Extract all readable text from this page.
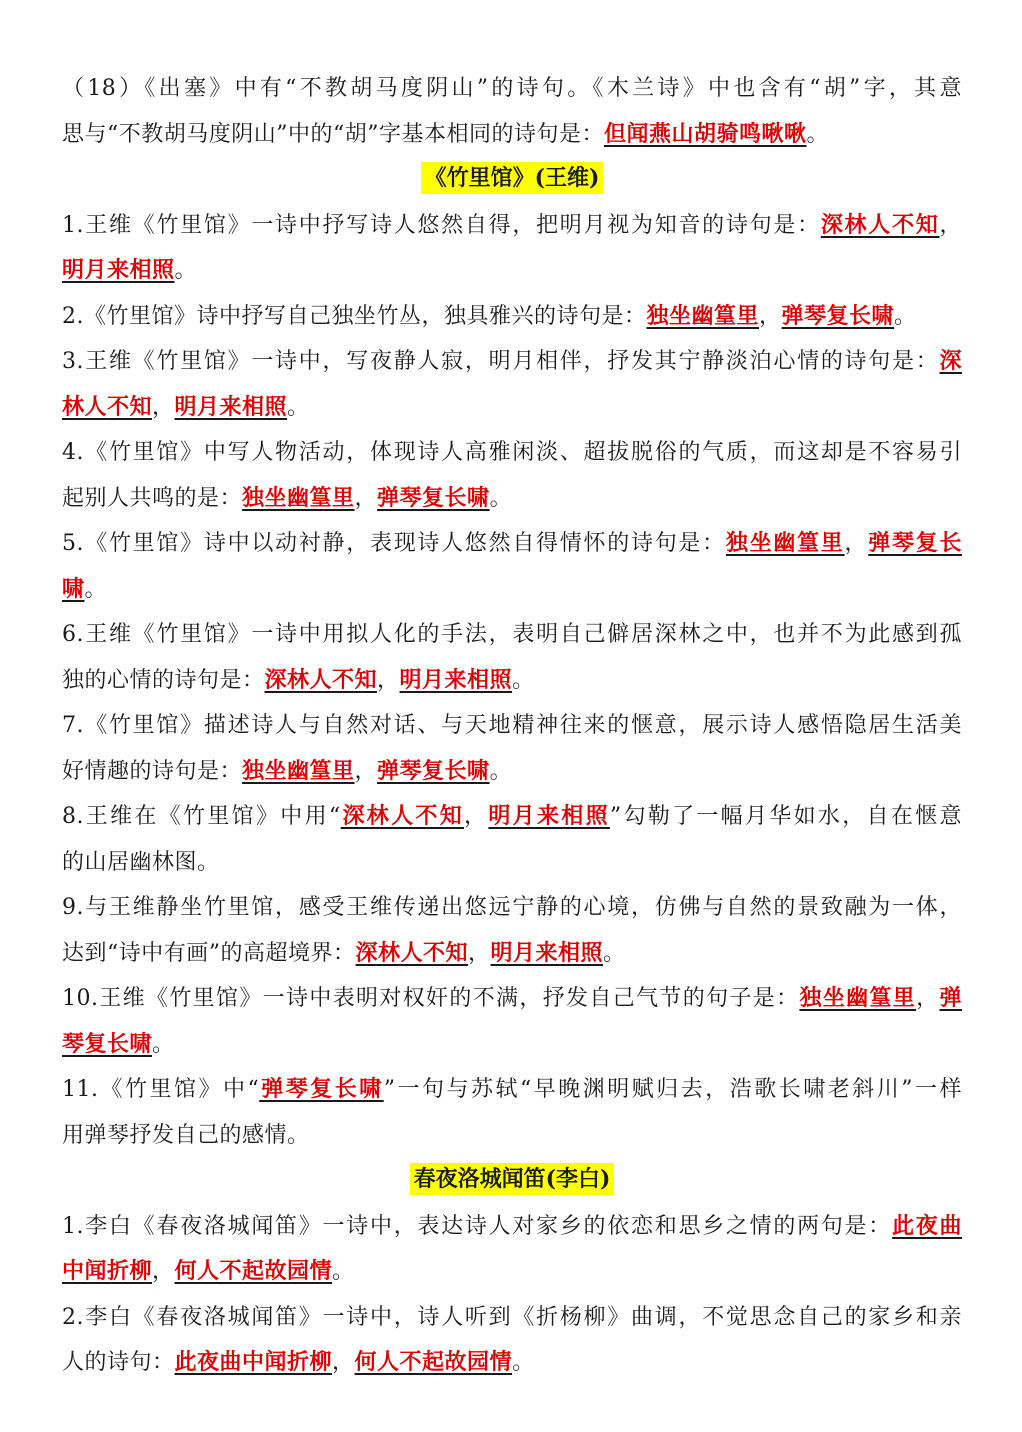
（18）《出塞》中有“不教胡马度阴山”的诗句。《木兰诗》中也含有“胡”字，其意
思与“不教胡马度阴山”中的“胡”字基本相同的诗句是：但闻燕山胡骑鸣啾啾。
《竹里馆》(王维)
1.王维《竹里馆》一诗中抒写诗人悠然自得，把明月视为知音的诗句是：深林人不知，
明月来相照。
2.《竹里馆》诗中抒写自己独坐竹丛，独具雅兴的诗句是：独坐幽篁里，弹琴复长啸。
3.王维《竹里馆》一诗中，写夜静人寂，明月相伴，抒发其宁静淡泊心情的诗句是：深
林人不知，明月来相照。
4.《竹里馆》中写人物活动，体现诗人高雅闲淡、超拔脱俗的气质，而这却是不容易引
起别人共鸣的是：独坐幽篁里，弹琴复长啸。
5.《竹里馆》诗中以动衬静，表现诗人悠然自得情怀的诗句是：独坐幽篁里，弹琴复长
啸。
6.王维《竹里馆》一诗中用拟人化的手法，表明自己僻居深林之中，也并不为此感到孤
独的心情的诗句是：深林人不知，明月来相照。
7.《竹里馆》描述诗人与自然对话、与天地精神往来的惬意，展示诗人感悟隐居生活美
好情趣的诗句是：独坐幽篁里，弹琴复长啸。
8.王维在《竹里馆》中用“深林人不知，明月来相照”勾勒了一幅月华如水，自在惬意
的山居幽林图。
9.与王维静坐竹里馆，感受王维传递出悠远宁静的心境，仿佛与自然的景致融为一体，
达到“诗中有画”的高超境界：深林人不知，明月来相照。
10.王维《竹里馆》一诗中表明对权奸的不满，抒发自己气节的句子是：独坐幽篁里，弹
琴复长啸。
11.《竹里馆》中“弹琴复长啸”一句与苏轼“早晚渊明赋归去，浩歌长啸老斜川”一样
用弹琴抒发自己的感情。
春夜洛城闻笛(李白)
1.李白《春夜洛城闻笛》一诗中，表达诗人对家乡的依恋和思乡之情的两句是：此夜曲
中闻折柳，何人不起故园情。
2.李白《春夜洛城闻笛》一诗中，诗人听到《折杨柳》曲调，不觉思念自己的家乡和亲
人的诗句：此夜曲中闻折柳，何人不起故园情。
